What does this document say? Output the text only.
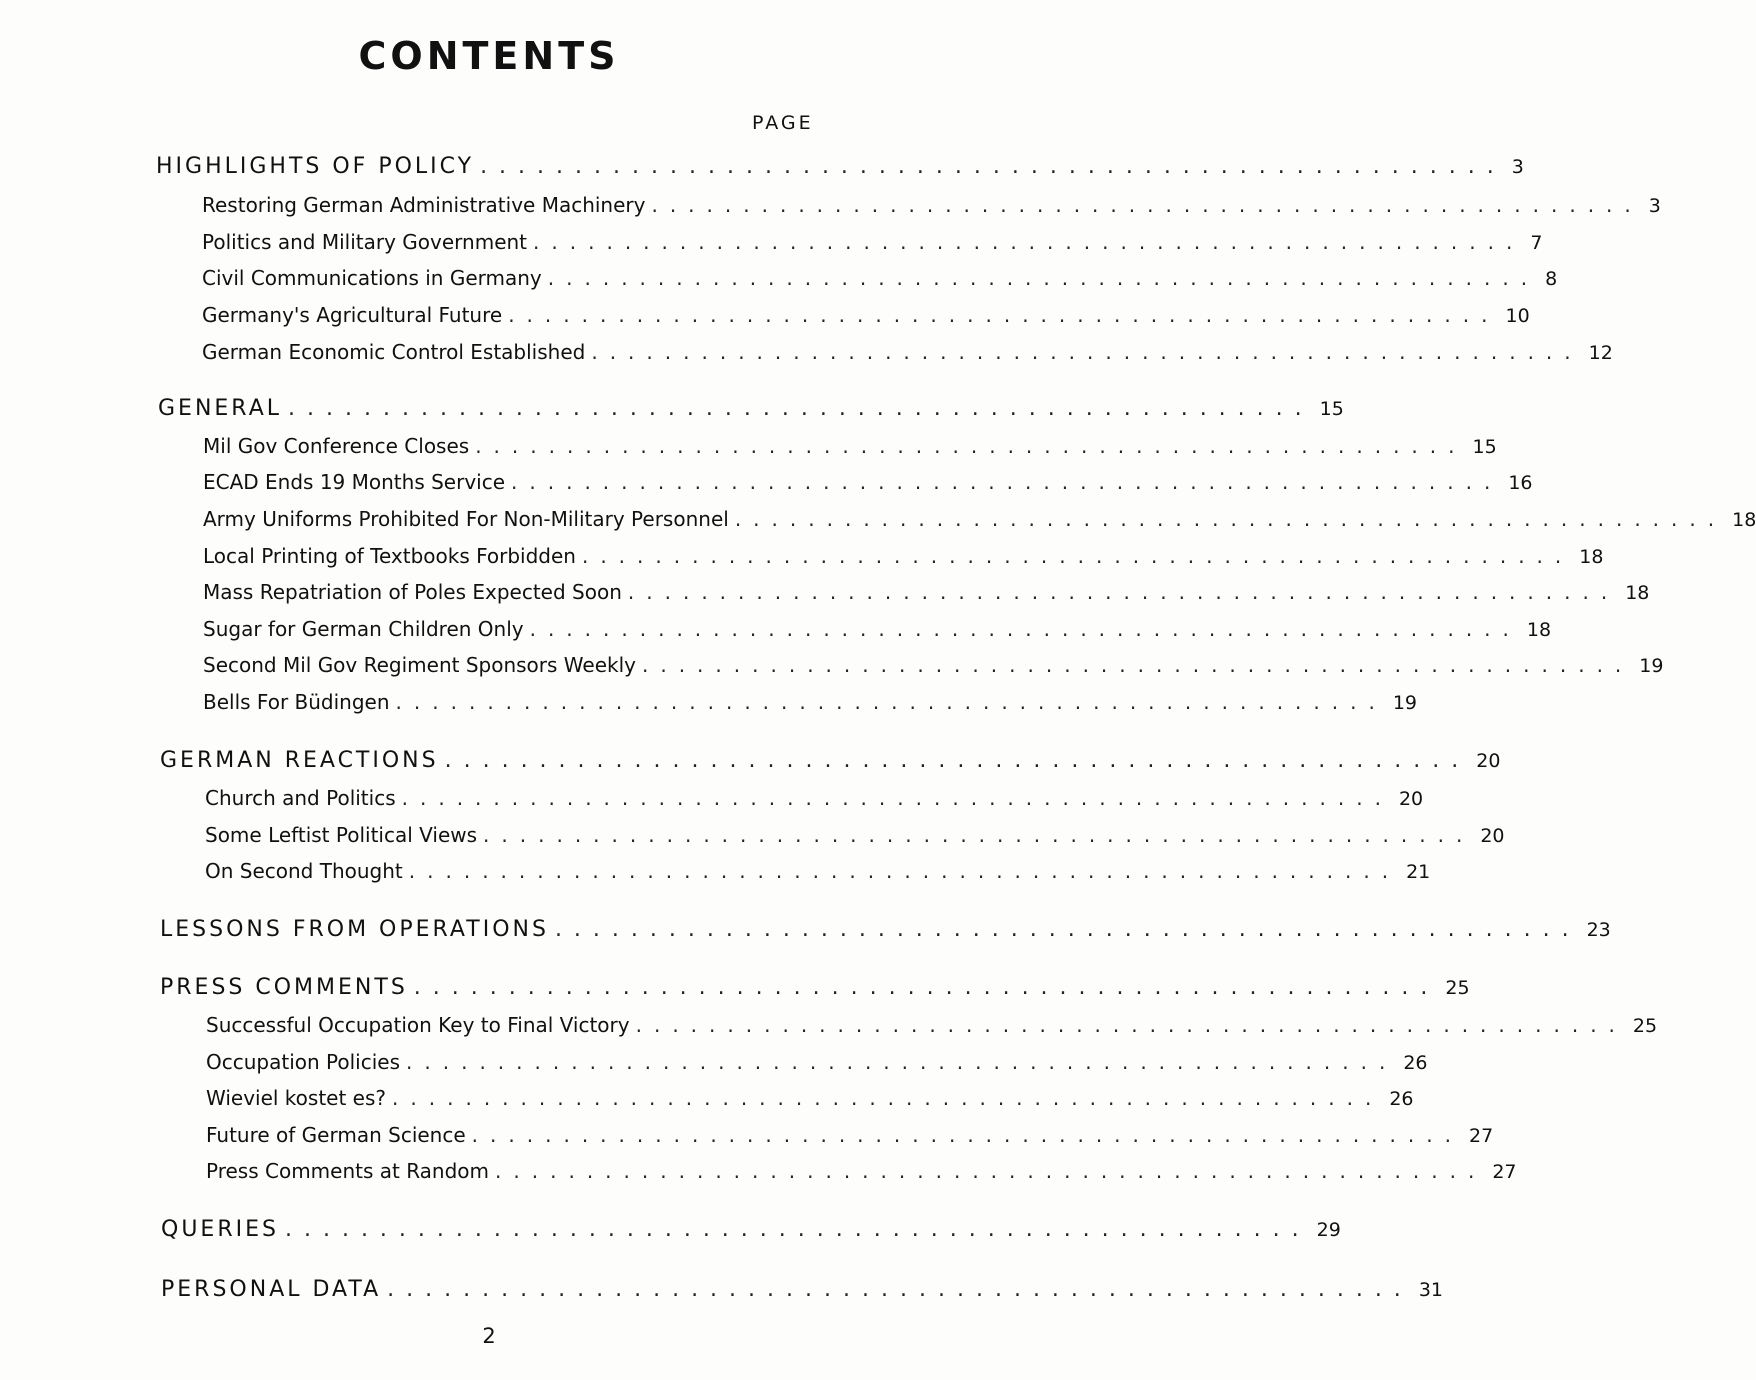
CONTENTS
PAGE
HIGHLIGHTS OF POLICY ...................................................... 3
Restoring German Administrative Machinery ...................................................... 3
Politics and Military Government ...................................................... 7
Civil Communications in Germany ...................................................... 8
Germany's Agricultural Future ...................................................... 10
German Economic Control Established ...................................................... 12
GENERAL ...................................................... 15
Mil Gov Conference Closes ...................................................... 15
ECAD Ends 19 Months Service ...................................................... 16
Army Uniforms Prohibited For Non-Military Personnel ...................................................... 18
Local Printing of Textbooks Forbidden ...................................................... 18
Mass Repatriation of Poles Expected Soon ...................................................... 18
Sugar for German Children Only ...................................................... 18
Second Mil Gov Regiment Sponsors Weekly ...................................................... 19
Bells For Büdingen ...................................................... 19
GERMAN REACTIONS ...................................................... 20
Church and Politics ...................................................... 20
Some Leftist Political Views ...................................................... 20
On Second Thought ...................................................... 21
LESSONS FROM OPERATIONS ...................................................... 23
PRESS COMMENTS ...................................................... 25
Successful Occupation Key to Final Victory ...................................................... 25
Occupation Policies ...................................................... 26
Wieviel kostet es? ...................................................... 26
Future of German Science ...................................................... 27
Press Comments at Random ...................................................... 27
QUERIES ...................................................... 29
PERSONAL DATA ...................................................... 31
2
